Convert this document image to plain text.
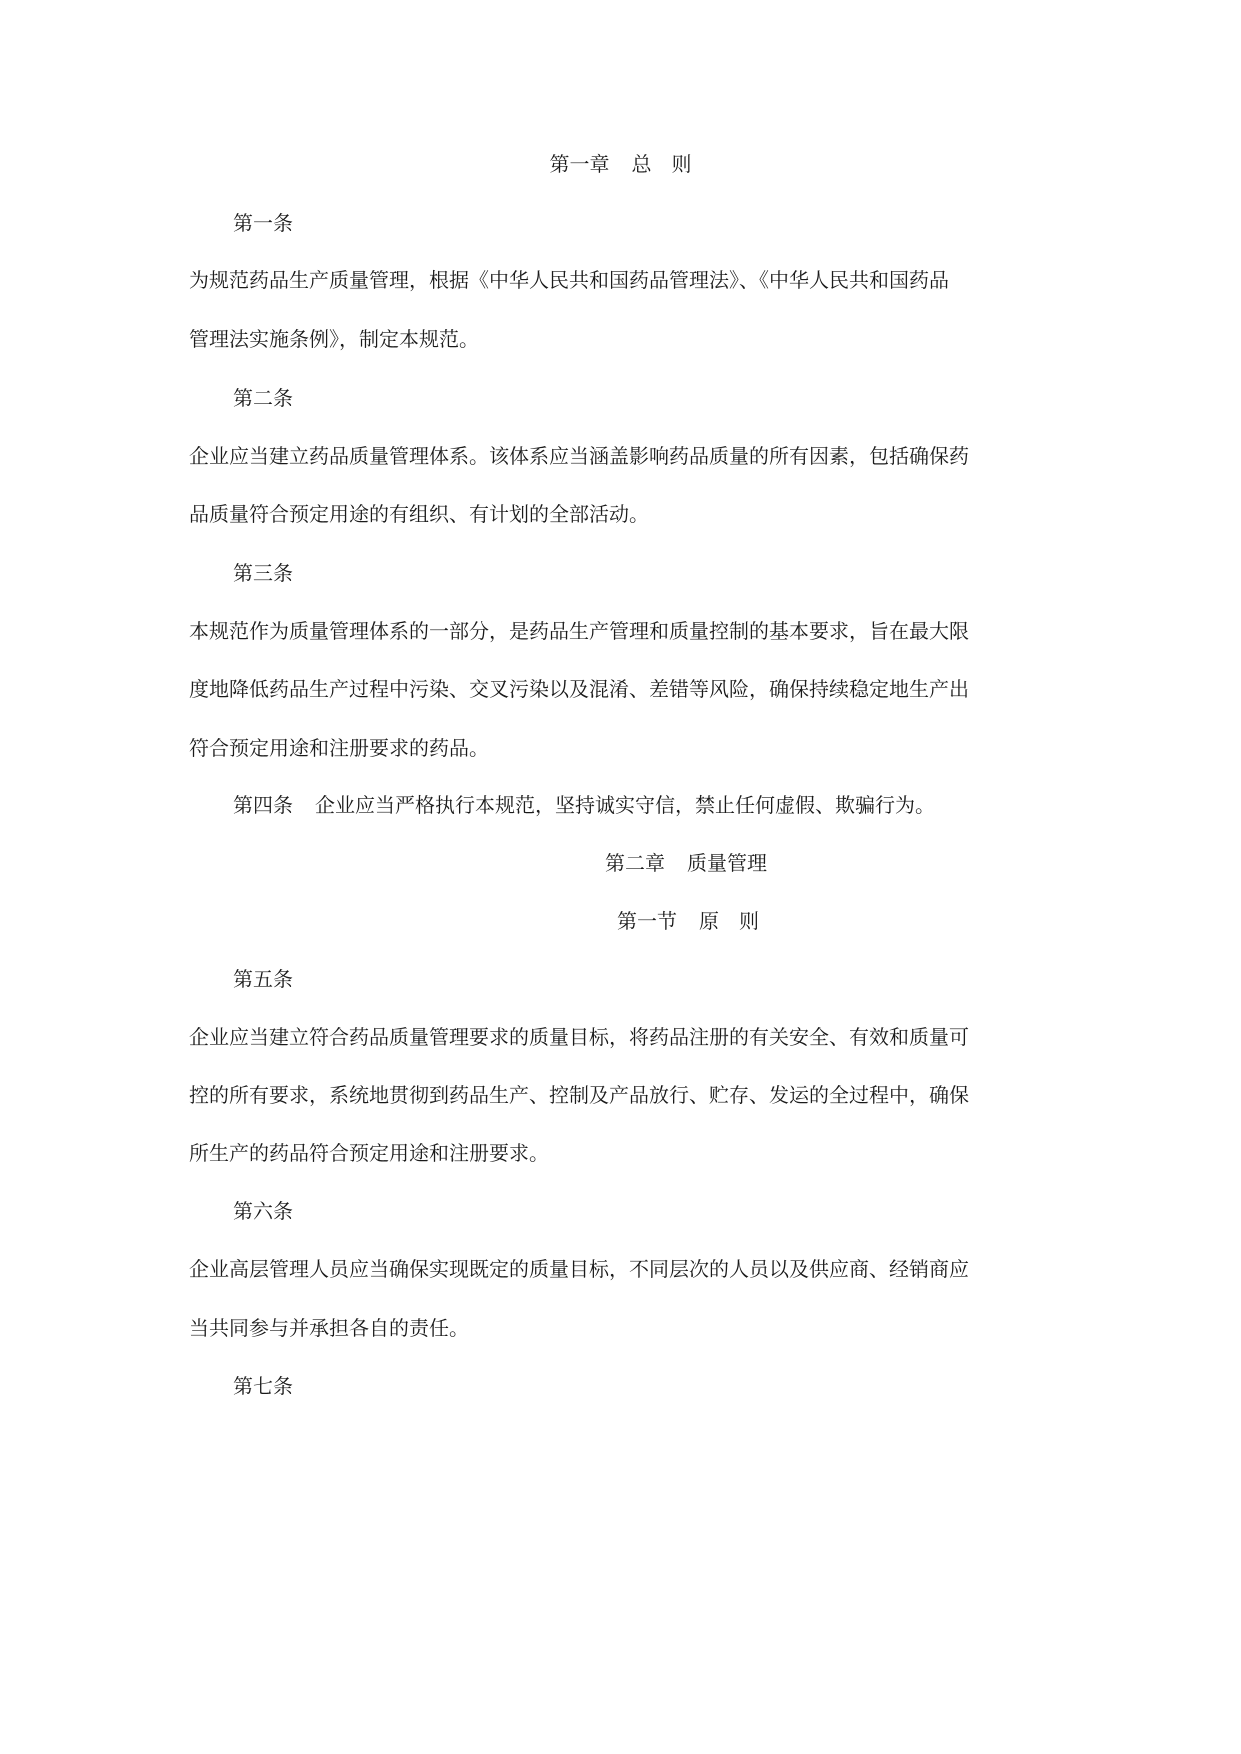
第一章 总　则
第一条
为规范药品生产质量管理，根据《中华人民共和国药品管理法》、《中华人民共和国药品
管理法实施条例》，制定本规范。
第二条
企业应当建立药品质量管理体系。该体系应当涵盖影响药品质量的所有因素，包括确保药
品质量符合预定用途的有组织、有计划的全部活动。
第三条
本规范作为质量管理体系的一部分，是药品生产管理和质量控制的基本要求，旨在最大限
度地降低药品生产过程中污染、交叉污染以及混淆、差错等风险，确保持续稳定地生产出
符合预定用途和注册要求的药品。
第四条 企业应当严格执行本规范，坚持诚实守信，禁止任何虚假、欺骗行为。
第二章 质量管理
第一节 原　则
第五条
企业应当建立符合药品质量管理要求的质量目标，将药品注册的有关安全、有效和质量可
控的所有要求，系统地贯彻到药品生产、控制及产品放行、贮存、发运的全过程中，确保
所生产的药品符合预定用途和注册要求。
第六条
企业高层管理人员应当确保实现既定的质量目标，不同层次的人员以及供应商、经销商应
当共同参与并承担各自的责任。
第七条
